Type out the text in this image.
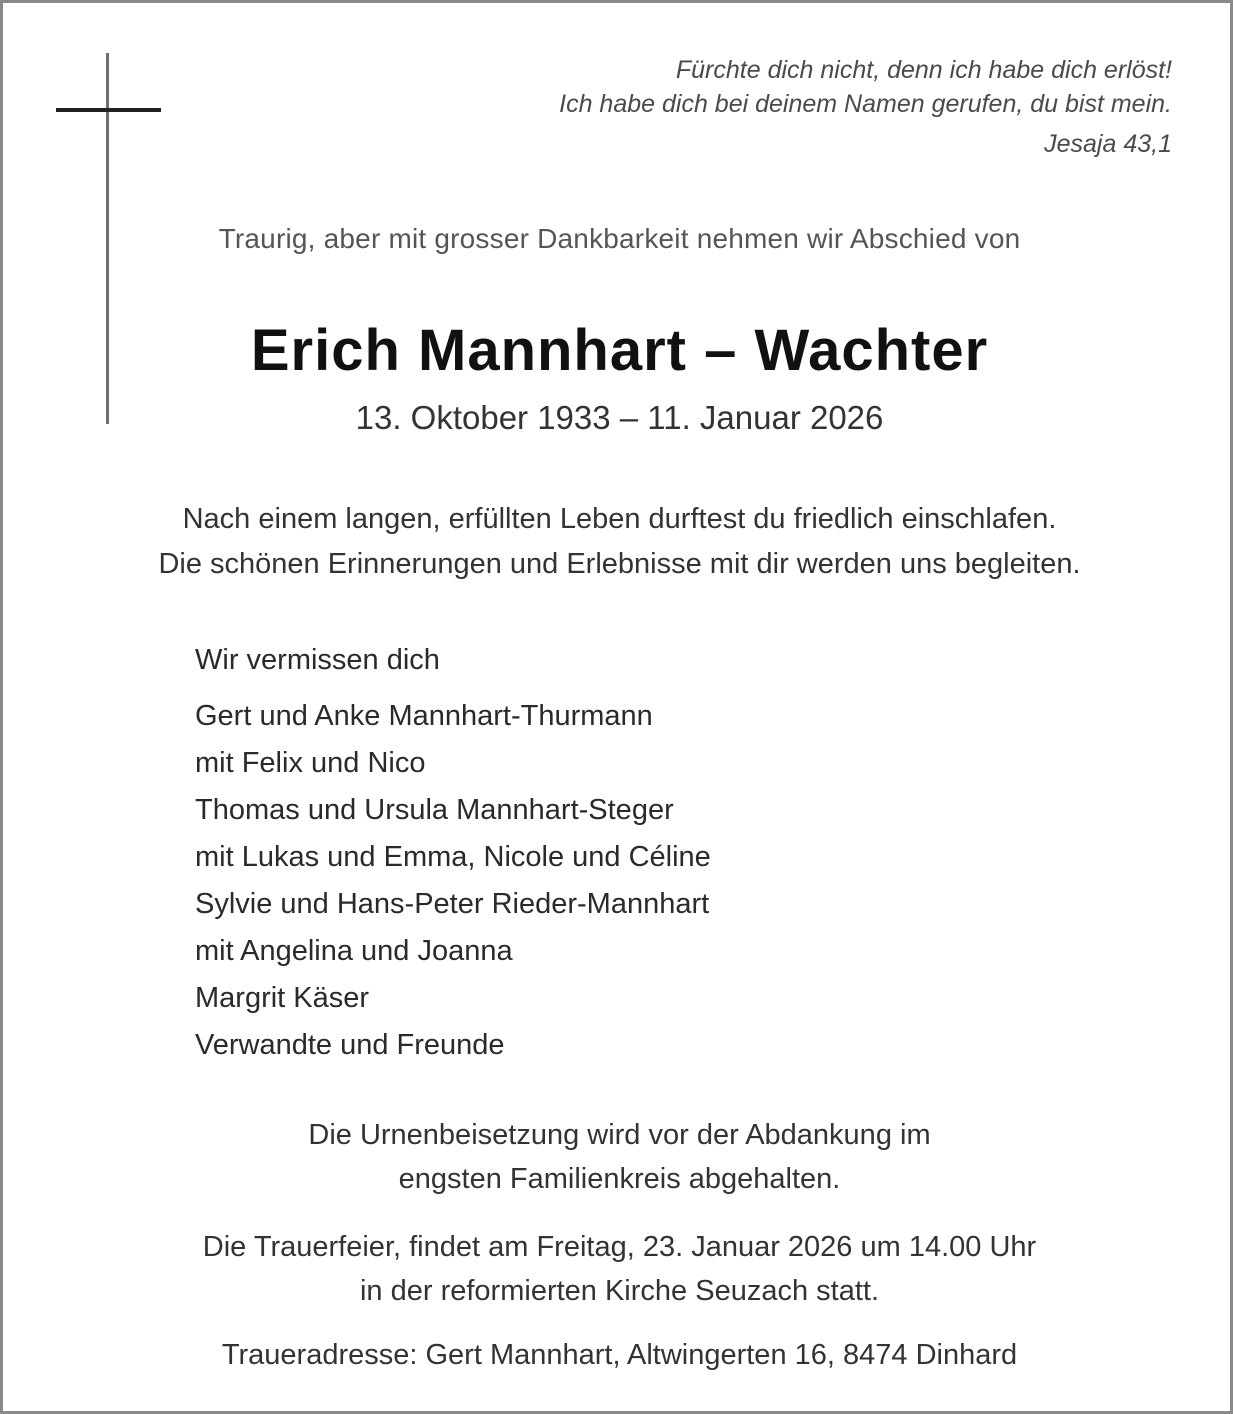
Fürchte dich nicht, denn ich habe dich erlöst!
Ich habe dich bei deinem Namen gerufen, du bist mein.
Jesaja 43,1
Traurig, aber mit grosser Dankbarkeit nehmen wir Abschied von
Erich Mannhart – Wachter
13. Oktober 1933 – 11. Januar 2026
Nach einem langen, erfüllten Leben durftest du friedlich einschlafen.
Die schönen Erinnerungen und Erlebnisse mit dir werden uns begleiten.
Wir vermissen dich
Gert und Anke Mannhart-Thurmann
mit Felix und Nico
Thomas und Ursula Mannhart-Steger
mit Lukas und Emma, Nicole und Céline
Sylvie und Hans-Peter Rieder-Mannhart
mit Angelina und Joanna
Margrit Käser
Verwandte und Freunde
Die Urnenbeisetzung wird vor der Abdankung im
engsten Familienkreis abgehalten.
Die Trauerfeier, findet am Freitag, 23. Januar 2026 um 14.00 Uhr
in der reformierten Kirche Seuzach statt.
Traueradresse: Gert Mannhart, Altwingerten 16, 8474 Dinhard
